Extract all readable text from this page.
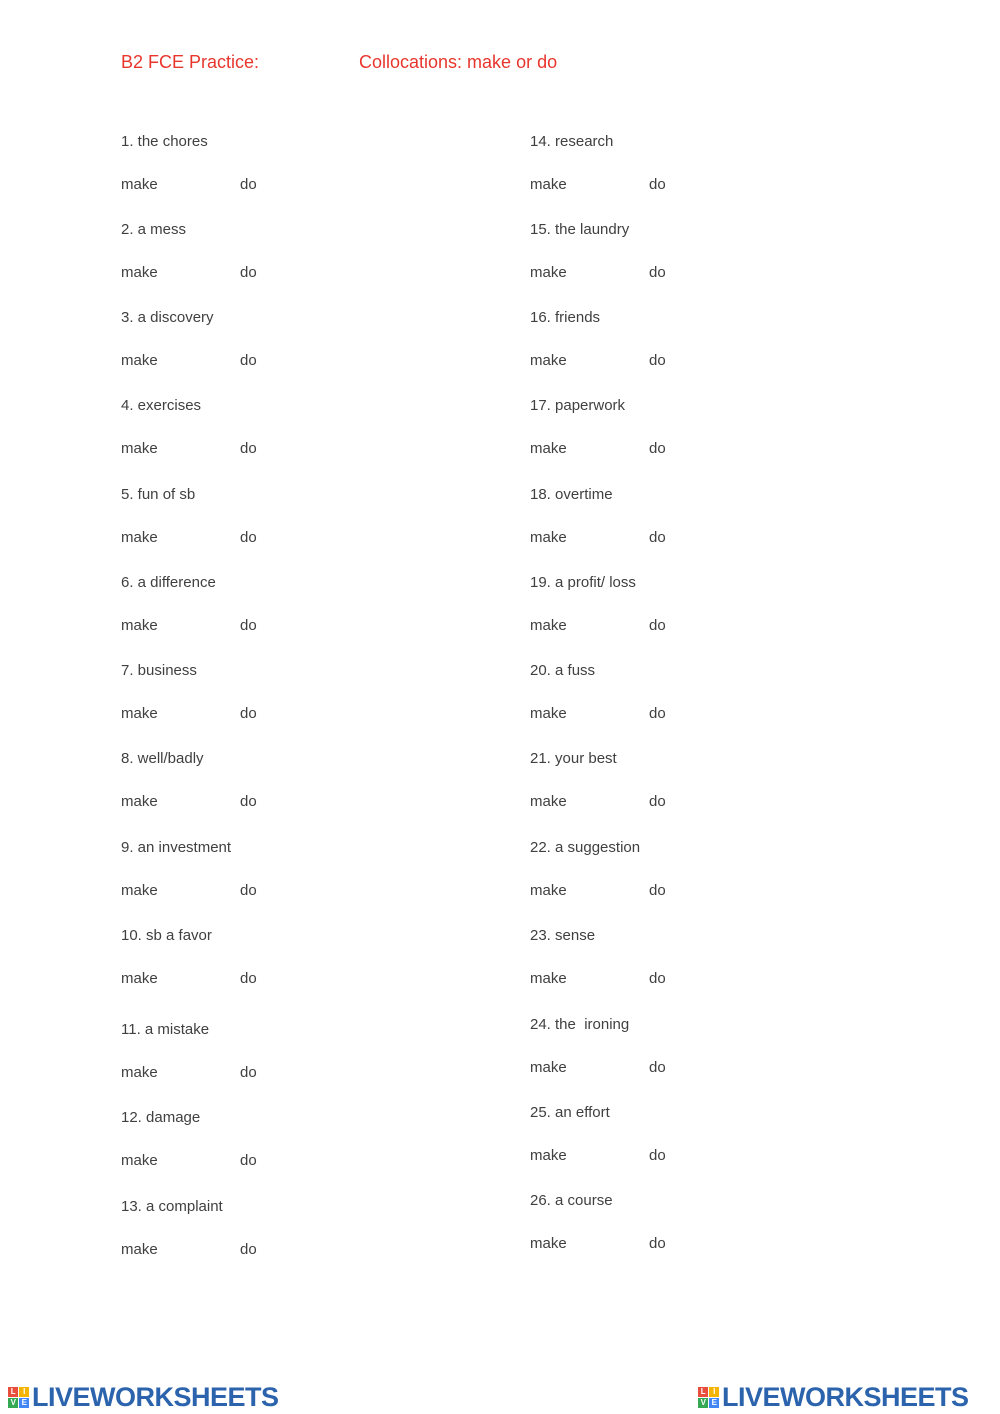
B2 FCE Practice:	Collocations: make or do
1. the chores
make	do
2. a mess
make	do
3. a discovery
make	do
4. exercises
make	do
5. fun of sb
make	do
6. a difference
make	do
7. business
make	do
8. well/badly
make	do
9. an investment
make	do
10. sb a favor
make	do
11. a mistake
make	do
12. damage
make	do
13. a complaint
make	do
14. research
make	do
15. the laundry
make	do
16. friends
make	do
17. paperwork
make	do
18. overtime
make	do
19. a profit/ loss
make	do
20. a fuss
make	do
21. your best
make	do
22. a suggestion
make	do
23. sense
make	do
24. the  ironing
make	do
25. an effort
make	do
26. a course
make	do
L I
V E LIVEWORKSHEETS	L I
V E LIVEWORKSHEETS
